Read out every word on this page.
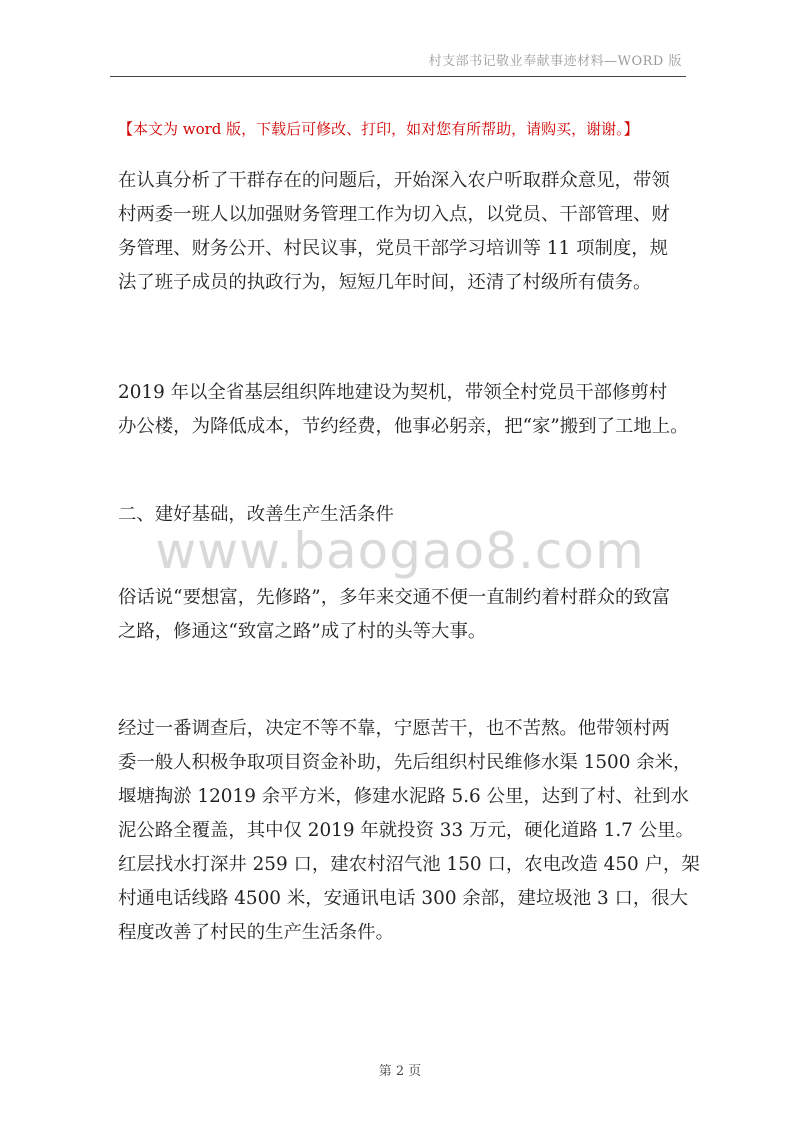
村支部书记敬业奉献事迹材料—WORD 版
【本文为 word 版，下载后可修改、打印，如对您有所帮助，请购买，谢谢。】
在认真分析了干群存在的问题后，开始深入农户听取群众意见，带领
村两委一班人以加强财务管理工作为切入点，以党员、干部管理、财
务管理、财务公开、村民议事，党员干部学习培训等 11 项制度，规
法了班子成员的执政行为，短短几年时间，还清了村级所有债务。
2019 年以全省基层组织阵地建设为契机，带领全村党员干部修剪村
办公楼，为降低成本，节约经费，他事必躬亲，把“家”搬到了工地上。
二、建好基础，改善生产生活条件
www.baogao8.com
俗话说“要想富，先修路”，多年来交通不便一直制约着村群众的致富
之路，修通这“致富之路”成了村的头等大事。
经过一番调查后，决定不等不靠，宁愿苦干，也不苦熬。他带领村两
委一般人积极争取项目资金补助，先后组织村民维修水渠 1500 余米，
堰塘掏淤 12019 余平方米，修建水泥路 5.6 公里，达到了村、社到水
泥公路全覆盖，其中仅 2019 年就投资 33 万元，硬化道路 1.7 公里。
红层找水打深井 259 口，建农村沼气池 150 口，农电改造 450 户，架
村通电话线路 4500 米，安通讯电话 300 余部，建垃圾池 3 口，很大
程度改善了村民的生产生活条件。
第 2 页
